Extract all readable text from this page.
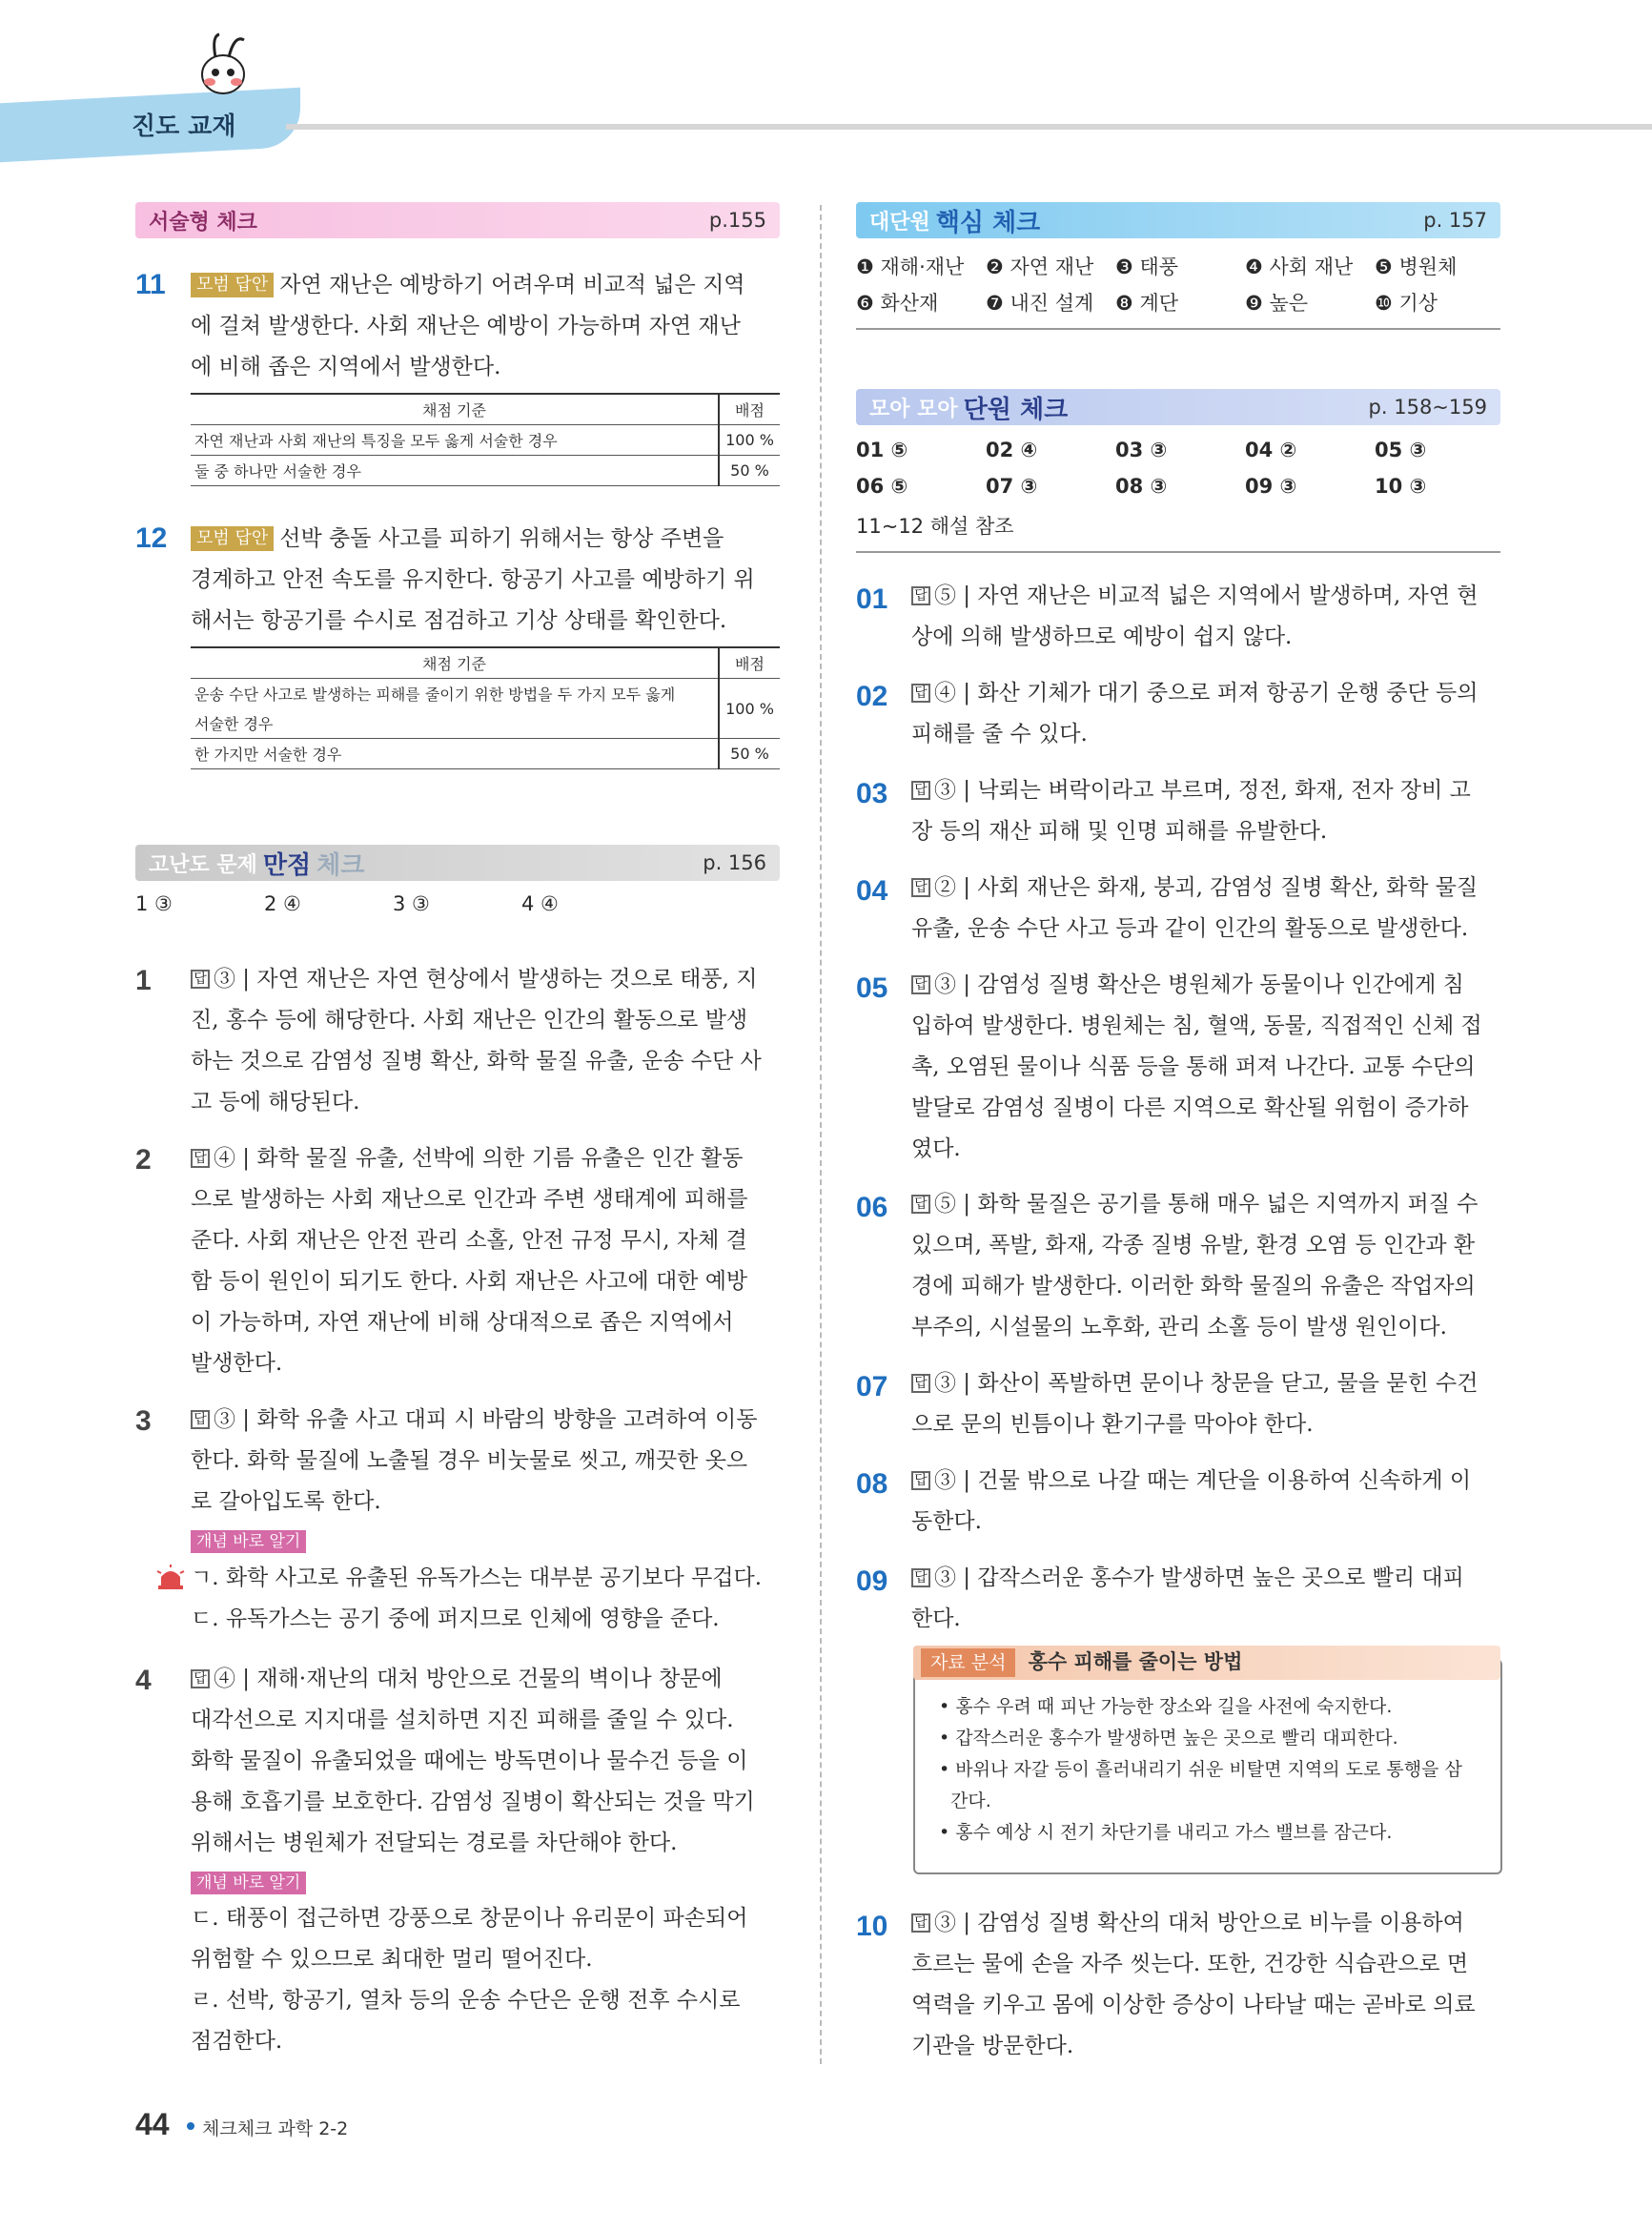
진도 교재
서술형 체크	p.155
11	모범 답안 자연 재난은 예방하기 어려우며 비교적 넓은 지역
에 걸쳐 발생한다. 사회 재난은 예방이 가능하며 자연 재난
에 비해 좁은 지역에서 발생한다.
채점 기준	배점
자연 재난과 사회 재난의 특징을 모두 옳게 서술한 경우	100 %
둘 중 하나만 서술한 경우	50 %
12	모범 답안 선박 충돌 사고를 피하기 위해서는 항상 주변을
경계하고 안전 속도를 유지한다. 항공기 사고를 예방하기 위
해서는 항공기를 수시로 점검하고 기상 상태를 확인한다.
채점 기준	배점
운송 수단 사고로 발생하는 피해를 줄이기 위한 방법을 두 가지 모두 옳게	100 %
서술한 경우	
한 가지만 서술한 경우	50 %
고난도 문제 만점 체크	p. 156
1 ③	2 ④	3 ③	4 ④
1	답 ③ | 자연 재난은 자연 현상에서 발생하는 것으로 태풍, 지
진, 홍수 등에 해당한다. 사회 재난은 인간의 활동으로 발생
하는 것으로 감염성 질병 확산, 화학 물질 유출, 운송 수단 사
고 등에 해당된다.
2	답 ④ | 화학 물질 유출, 선박에 의한 기름 유출은 인간 활동
으로 발생하는 사회 재난으로 인간과 주변 생태계에 피해를
준다. 사회 재난은 안전 관리 소홀, 안전 규정 무시, 자체 결
함 등이 원인이 되기도 한다. 사회 재난은 사고에 대한 예방
이 가능하며, 자연 재난에 비해 상대적으로 좁은 지역에서
발생한다.
3	답 ③ | 화학 유출 사고 대피 시 바람의 방향을 고려하여 이동
한다. 화학 물질에 노출될 경우 비눗물로 씻고, 깨끗한 옷으
로 갈아입도록 한다.
개념 바로 알기
ㄱ. 화학 사고로 유출된 유독가스는 대부분 공기보다 무겁다.
ㄷ. 유독가스는 공기 중에 퍼지므로 인체에 영향을 준다.
4	답 ④ | 재해·재난의 대처 방안으로 건물의 벽이나 창문에
대각선으로 지지대를 설치하면 지진 피해를 줄일 수 있다.
화학 물질이 유출되었을 때에는 방독면이나 물수건 등을 이
용해 호흡기를 보호한다. 감염성 질병이 확산되는 것을 막기
위해서는 병원체가 전달되는 경로를 차단해야 한다.
개념 바로 알기
ㄷ. 태풍이 접근하면 강풍으로 창문이나 유리문이 파손되어
위험할 수 있으므로 최대한 멀리 떨어진다.
ㄹ. 선박, 항공기, 열차 등의 운송 수단은 운행 전후 수시로
점검한다.
대단원 핵심 체크	p. 157
❶ 재해·재난	❷ 자연 재난	❸ 태풍	❹ 사회 재난	❺ 병원체
❻ 화산재	❼ 내진 설계	❽ 계단	❾ 높은	❿ 기상
모아 모아 단원 체크	p. 158~159
01 ⑤	02 ④	03 ③	04 ②	05 ③
06 ⑤	07 ③	08 ③	09 ③	10 ③
11~12 해설 참조
01 답 ⑤ | 자연 재난은 비교적 넓은 지역에서 발생하며, 자연 현
상에 의해 발생하므로 예방이 쉽지 않다.
02 답 ④ | 화산 기체가 대기 중으로 퍼져 항공기 운행 중단 등의
피해를 줄 수 있다.
03 답 ③ | 낙뢰는 벼락이라고 부르며, 정전, 화재, 전자 장비 고
장 등의 재산 피해 및 인명 피해를 유발한다.
04 답 ② | 사회 재난은 화재, 붕괴, 감염성 질병 확산, 화학 물질
유출, 운송 수단 사고 등과 같이 인간의 활동으로 발생한다.
05 답 ③ | 감염성 질병 확산은 병원체가 동물이나 인간에게 침
입하여 발생한다. 병원체는 침, 혈액, 동물, 직접적인 신체 접
촉, 오염된 물이나 식품 등을 통해 퍼져 나간다. 교통 수단의
발달로 감염성 질병이 다른 지역으로 확산될 위험이 증가하
였다.
06 답 ⑤ | 화학 물질은 공기를 통해 매우 넓은 지역까지 퍼질 수
있으며, 폭발, 화재, 각종 질병 유발, 환경 오염 등 인간과 환
경에 피해가 발생한다. 이러한 화학 물질의 유출은 작업자의
부주의, 시설물의 노후화, 관리 소홀 등이 발생 원인이다.
07 답 ③ | 화산이 폭발하면 문이나 창문을 닫고, 물을 묻힌 수건
으로 문의 빈틈이나 환기구를 막아야 한다.
08 답 ③ | 건물 밖으로 나갈 때는 계단을 이용하여 신속하게 이
동한다.
09 답 ③ | 갑작스러운 홍수가 발생하면 높은 곳으로 빨리 대피
한다.
자료 분석 홍수 피해를 줄이는 방법
• 홍수 우려 때 피난 가능한 장소와 길을 사전에 숙지한다.
• 갑작스러운 홍수가 발생하면 높은 곳으로 빨리 대피한다.
• 바위나 자갈 등이 흘러내리기 쉬운 비탈면 지역의 도로 통행을 삼
간다.
• 홍수 예상 시 전기 차단기를 내리고 가스 밸브를 잠근다.
10 답 ③ | 감염성 질병 확산의 대처 방안으로 비누를 이용하여
흐르는 물에 손을 자주 씻는다. 또한, 건강한 식습관으로 면
역력을 키우고 몸에 이상한 증상이 나타날 때는 곧바로 의료
기관을 방문한다.
44 체크체크 과학 2-2
